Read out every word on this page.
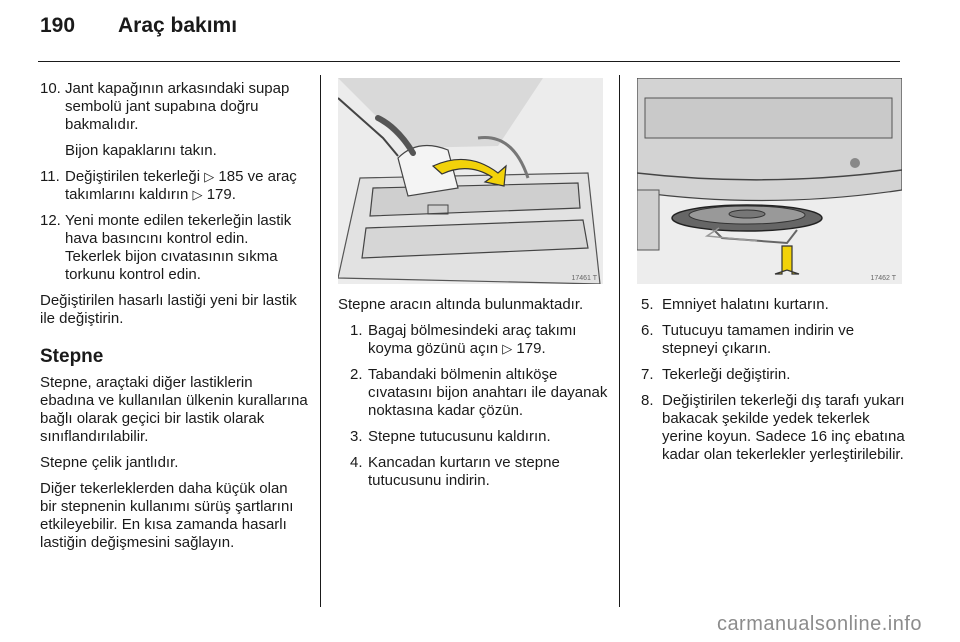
190	Araç bakımı
10. Jant kapağının arkasındaki supap sembolü jant supabına doğru bakmalıdır.

Bijon kapaklarını takın.

11. Değiştirilen tekerleği ▷ 185 ve araç takımlarını kaldırın ▷ 179.
12. Yeni monte edilen tekerleğin lastik hava basıncını kontrol edin. Tekerlek bijon cıvatasının sıkma torkunu kontrol edin.

Değiştirilen hasarlı lastiği yeni bir lastik ile değiştirin.

Stepne

Stepne, araçtaki diğer lastiklerin ebadına ve kullanılan ülkenin kurallarına bağlı olarak geçici bir lastik olarak sınıflandırılabilir.

Stepne çelik jantlıdır.

Diğer tekerleklerden daha küçük olan bir stepnenin kullanımı sürüş şartlarını etkileyebilir. En kısa zamanda hasarlı lastiğin değişmesini sağlayın.

17461 T

Stepne aracın altında bulunmaktadır.

1. Bagaj bölmesindeki araç takımı koyma gözünü açın ▷ 179.
2. Tabandaki bölmenin altıköşe cıvatasını bijon anahtarı ile dayanak noktasına kadar çözün.
3. Stepne tutucusunu kaldırın.
4. Kancadan kurtarın ve stepne tutucusunu indirin.
17462 T
5. Emniyet halatını kurtarın.
6. Tutucuyu tamamen indirin ve stepneyi çıkarın.
7. Tekerleği değiştirin.
8. Değiştirilen tekerleği dış tarafı yukarı bakacak şekilde yedek tekerlek yerine koyun. Sadece 16 inç ebatına kadar olan tekerlekler yerleştirilebilir.
carmanualsonline.info
